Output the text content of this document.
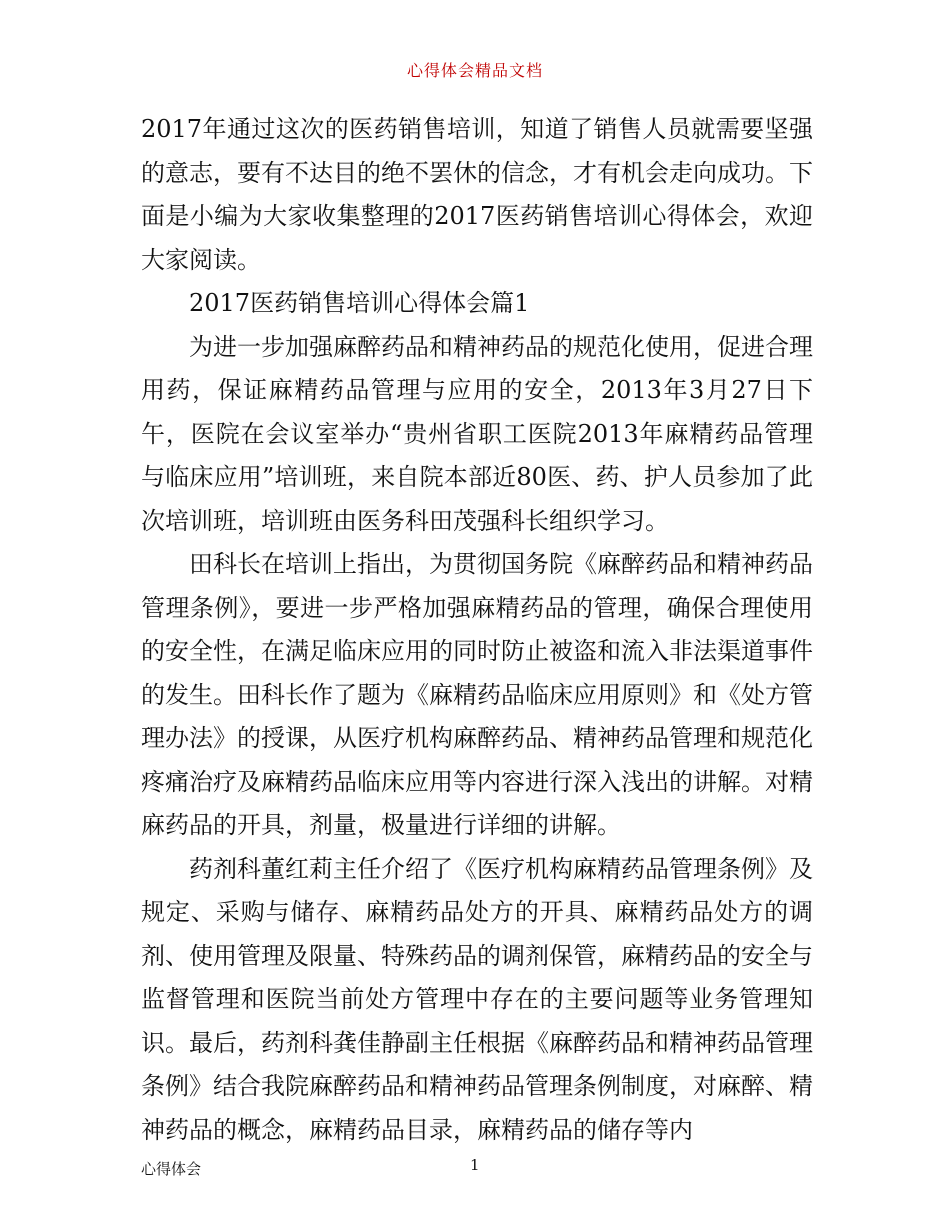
心得体会精品文档

2017年通过这次的医药销售培训，知道了销售人员就需要坚强的意志，要有不达目的绝不罢休的信念，才有机会走向成功。下面是小编为大家收集整理的2017医药销售培训心得体会，欢迎大家阅读。

2017医药销售培训心得体会篇1

为进一步加强麻醉药品和精神药品的规范化使用，促进合理用药，保证麻精药品管理与应用的安全，2013年3月27日下午，医院在会议室举办“贵州省职工医院2013年麻精药品管理与临床应用”培训班，来自院本部近80医、药、护人员参加了此次培训班，培训班由医务科田茂强科长组织学习。

田科长在培训上指出，为贯彻国务院《麻醉药品和精神药品管理条例》，要进一步严格加强麻精药品的管理，确保合理使用的安全性，在满足临床应用的同时防止被盗和流入非法渠道事件的发生。田科长作了题为《麻精药品临床应用原则》和《处方管理办法》的授课，从医疗机构麻醉药品、精神药品管理和规范化疼痛治疗及麻精药品临床应用等内容进行深入浅出的讲解。对精麻药品的开具，剂量，极量进行详细的讲解。

药剂科董红莉主任介绍了《医疗机构麻精药品管理条例》及规定、采购与储存、麻精药品处方的开具、麻精药品处方的调剂、使用管理及限量、特殊药品的调剂保管，麻精药品的安全与监督管理和医院当前处方管理中存在的主要问题等业务管理知识。最后，药剂科龚佳静副主任根据《麻醉药品和精神药品管理条例》结合我院麻醉药品和精神药品管理条例制度，对麻醉、精神药品的概念，麻精药品目录，麻精药品的储存等内

心得体会	1
